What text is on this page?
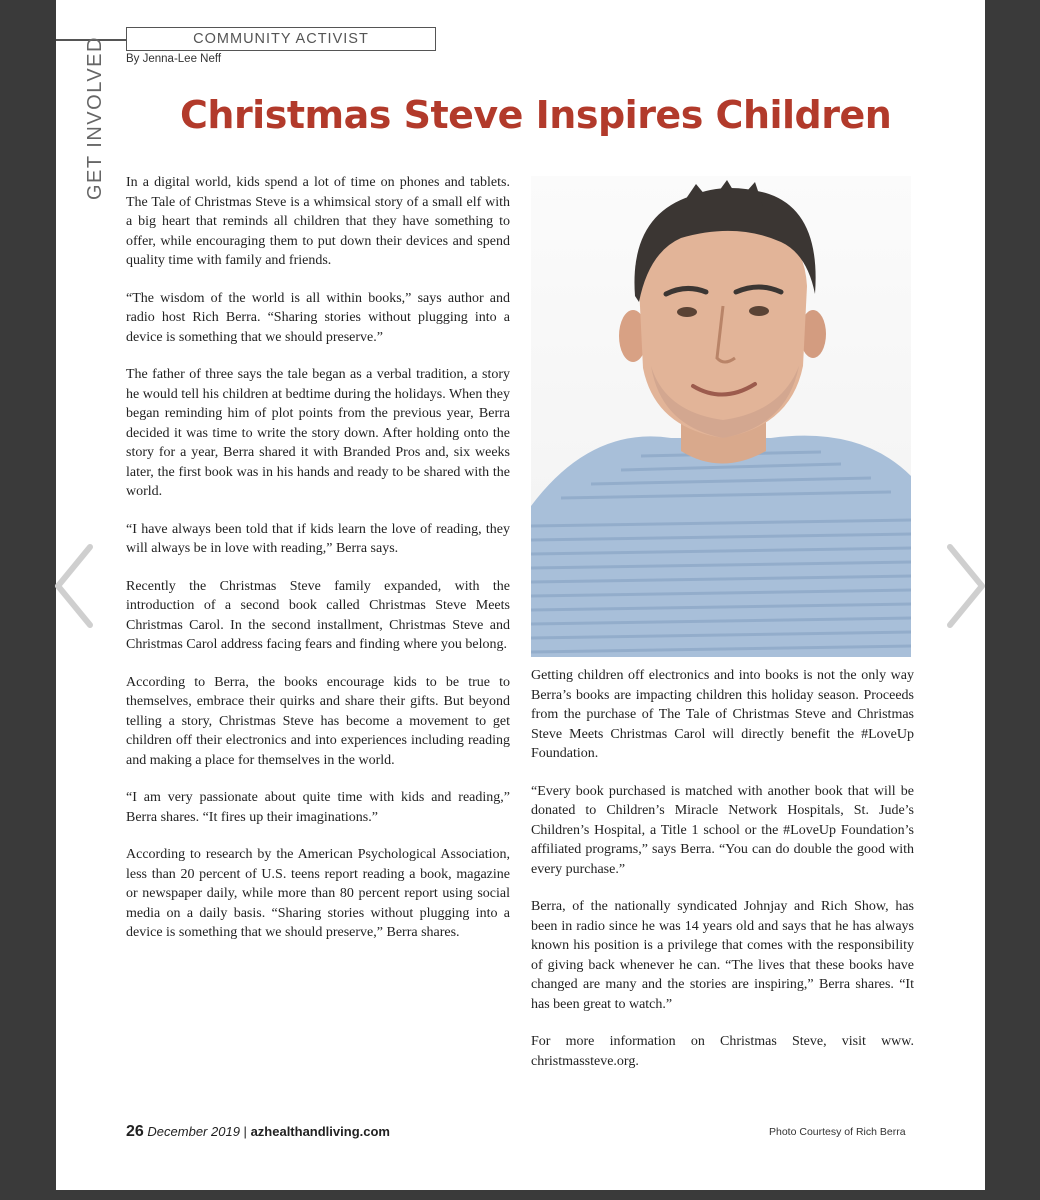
COMMUNITY ACTIVIST
By Jenna-Lee Neff
GET INVOLVED Christmas Steve Inspires Children

In a digital world, kids spend a lot of time on phones and tablets. The Tale of Christmas Steve is a whimsical story of a small elf with a big heart that reminds all children that they have something to offer, while encouraging them to put down their devices and spend quality time with family and friends.

“The wisdom of the world is all within books,” says author and radio host Rich Berra. “Sharing stories without plugging into a device is something that we should preserve.”

The father of three says the tale began as a verbal tradition, a story he would tell his children at bedtime during the holidays. When they began reminding him of plot points from the previous year, Berra decided it was time to write the story down. After holding onto the story for a year, Berra shared it with Branded Pros and, six weeks later, the first book was in his hands and ready to be shared with the world.

“I have always been told that if kids learn the love of reading, they will always be in love with reading,” Berra says.

Recently the Christmas Steve family expanded, with the introduction of a second book called Christmas Steve Meets Christmas Carol. In the second installment, Christmas Steve and Christmas Carol address facing fears and finding where you belong.

According to Berra, the books encourage kids to be true to themselves, embrace their quirks and share their gifts. But beyond telling a story, Christmas Steve has become a movement to get children off their electronics and into experiences including reading and making a place for themselves in the world.

“I am very passionate about quite time with kids and reading,” Berra shares. “It fires up their imaginations.”

According to research by the American Psychological Association, less than 20 percent of U.S. teens report reading a book, magazine or newspaper daily, while more than 80 percent report using social media on a daily basis. “Sharing stories without plugging into a device is something that we should preserve,” Berra shares.

Getting children off electronics and into books is not the only way Berra’s books are impacting children this holiday season. Proceeds from the purchase of The Tale of Christmas Steve and Christmas Steve Meets Christmas Carol will directly benefit the #LoveUp Foundation.

“Every book purchased is matched with another book that will be donated to Children’s Miracle Network Hospitals, St. Jude’s Children’s Hospital, a Title 1 school or the #LoveUp Foundation’s affiliated programs,” says Berra. “You can do double the good with every purchase.”

Berra, of the nationally syndicated Johnjay and Rich Show, has been in radio since he was 14 years old and says that he has always known his position is a privilege that comes with the responsibility of giving back whenever he can. “The lives that these books have changed are many and the stories are inspiring,” Berra shares. “It has been great to watch.”

For more information on Christmas Steve, visit www. christmassteve.org.

26 December 2019 | azhealthandliving.com	Photo Courtesy of Rich Berra
